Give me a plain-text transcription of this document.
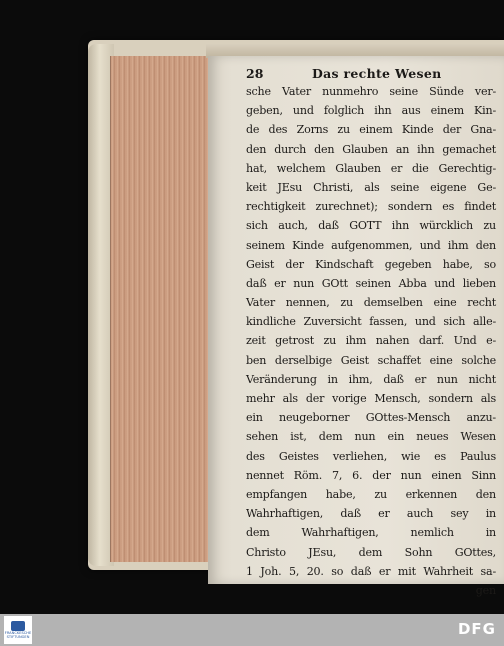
28	Das rechte Wesen
sche Vater nunmehro seine Sünde ver-
geben, und folglich ihn aus einem Kin-
de des Zorns zu einem Kinde der Gna-
den durch den Glauben an ihn gemachet
hat, welchem Glauben er die Gerechtig-
keit JEsu Christi, als seine eigene Ge-
rechtigkeit zurechnet); sondern es findet
sich auch, daß GOTT ihn würcklich zu
seinem Kinde aufgenommen, und ihm den
Geist der Kindschaft gegeben habe, so
daß er nun GOtt seinen Abba und lieben
Vater nennen, zu demselben eine recht
kindliche Zuversicht fassen, und sich alle-
zeit getrost zu ihm nahen darf. Und e-
ben derselbige Geist schaffet eine solche
Veränderung in ihm, daß er nun nicht
mehr als der vorige Mensch, sondern als
ein neugeborner GOttes-Mensch anzu-
sehen ist, dem nun ein neues Wesen
des Geistes verliehen, wie es Paulus
nennet Röm. 7, 6. der nun einen Sinn
empfangen habe, zu erkennen den
Wahrhaftigen, daß er auch sey in
dem Wahrhaftigen, nemlich in
Christo JEsu, dem Sohn GOttes,
1 Joh. 5, 20. so daß er mit Wahrheit sa-
gen
FRANCKESCHE
STIFTUNGEN	DFG
